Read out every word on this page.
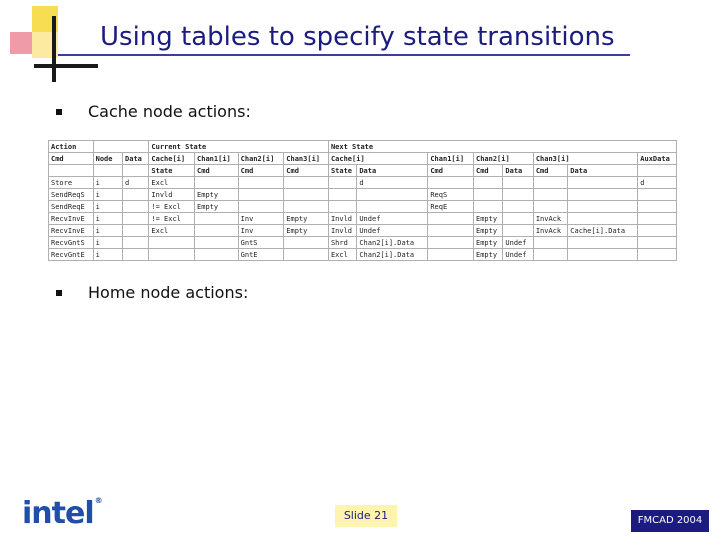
Using tables to specify state transitions
Cache node actions:
Action			Current State				Next State							
Cmd	Node	Data	Cache[i]	Chan1[i]	Chan2[i]	Chan3[i]	Cache[i]		Chan1[i]	Chan2[i]		Chan3[i]		AuxData
			State	Cmd	Cmd	Cmd	State	Data	Cmd	Cmd	Data	Cmd	Data	
Store	i	d	Excl					d						d
SendReqS	i		Invld	Empty					ReqS					
SendReqE	i		!= Excl	Empty					ReqE					
RecvInvE	i		!= Excl		Inv	Empty	Invld	Undef		Empty		InvAck		
RecvInvE	i		Excl		Inv	Empty	Invld	Undef		Empty		InvAck	Cache[i].Data	
RecvGntS	i				GntS		Shrd	Chan2[i].Data		Empty	Undef			
RecvGntE	i				GntE		Excl	Chan2[i].Data		Empty	Undef			
Home node actions:
intel®
Slide 21	FMCAD 2004
